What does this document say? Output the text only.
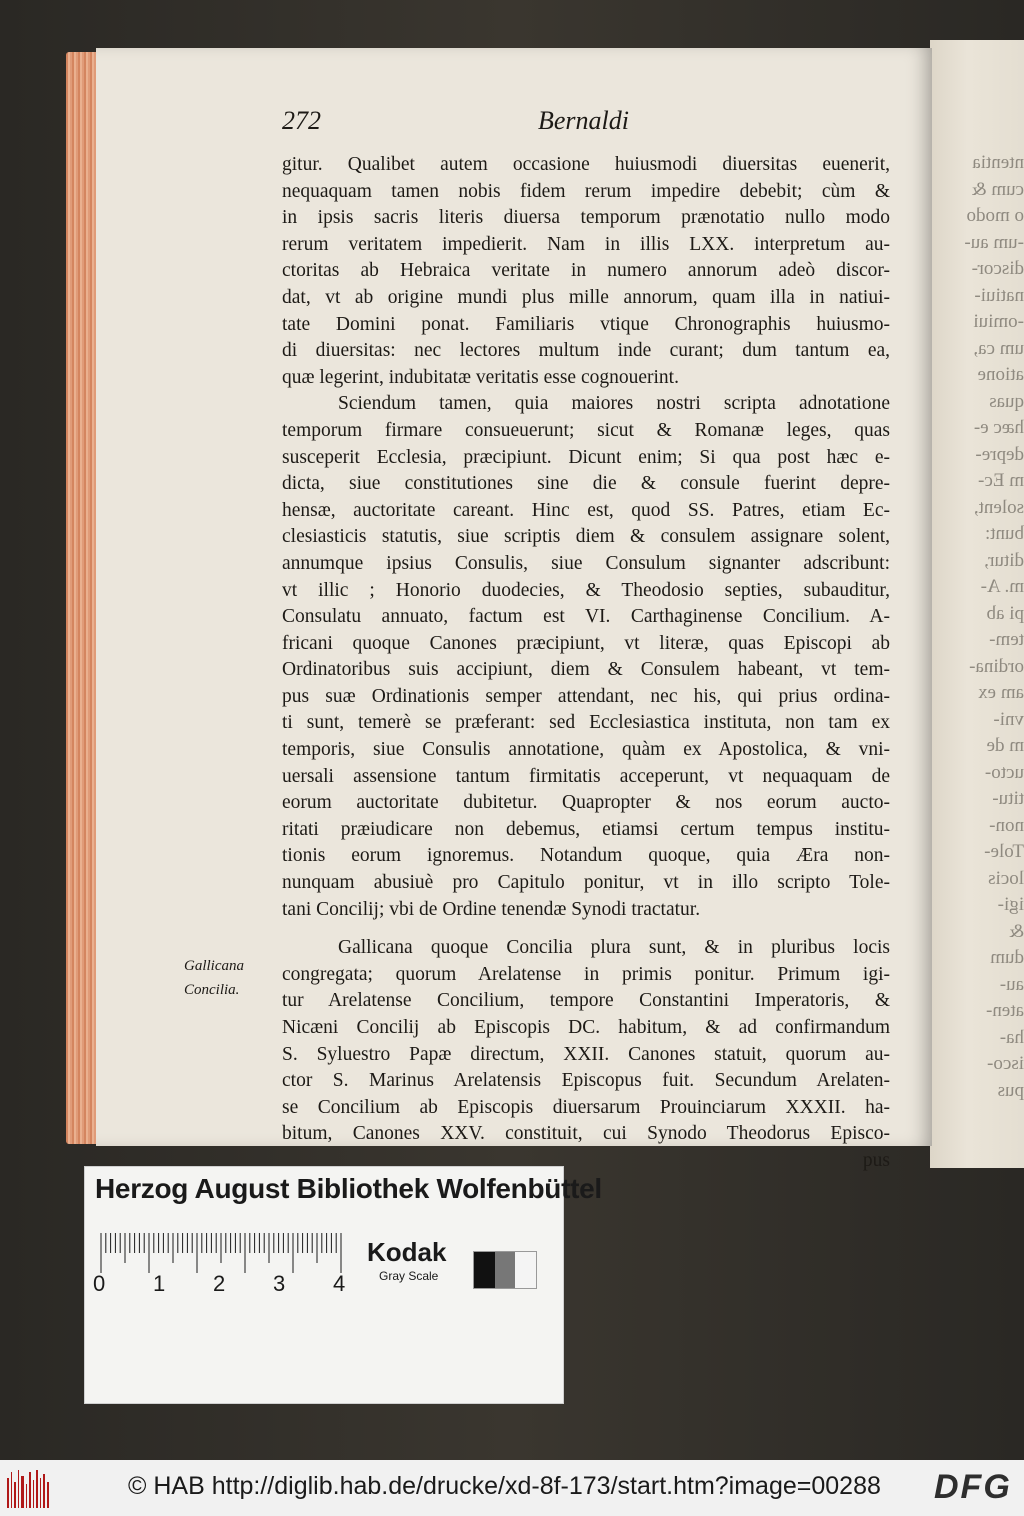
ntentia
cum &
o modo
-um au-
discor-
natiui-
-omiui
um ca,
atione
quas
hæc e-
depre-
m Ec-
solent,
bunt:
ditur,
m. A-
pi ab
tem-
ordina-
am ex
vni-
m de
ucto-
titu-
non-
Tole-
locis
igi-
&
dum
au-
aten-
ha-
isco-
pus
272	Bernaldi
Gallicana
Concilia.
gitur. Qualibet autem occasione huiusmodi diuersitas euenerit,
nequaquam tamen nobis fidem rerum impedire debebit; cùm &
in ipsis sacris literis diuersa temporum prænotatio nullo modo
rerum veritatem impedierit. Nam in illis LXX. interpretum au-
ctoritas ab Hebraica veritate in numero annorum adeò discor-
dat, vt ab origine mundi plus mille annorum, quam illa in natiui-
tate Domini ponat. Familiaris vtique Chronographis huiusmo-
di diuersitas: nec lectores multum inde curant; dum tantum ea,
quæ legerint, indubitatæ veritatis esse cognouerint.
Sciendum tamen, quia maiores nostri scripta adnotatione
temporum firmare consueuerunt; sicut & Romanæ leges, quas
susceperit Ecclesia, præcipiunt. Dicunt enim; Si qua post hæc e-
dicta, siue constitutiones sine die & consule fuerint depre-
hensæ, auctoritate careant. Hinc est, quod SS. Patres, etiam Ec-
clesiasticis statutis, siue scriptis diem & consulem assignare solent,
annumque ipsius Consulis, siue Consulum signanter adscribunt:
vt illic ; Honorio duodecies, & Theodosio septies, subauditur,
Consulatu annuato, factum est VI. Carthaginense Concilium. A-
fricani quoque Canones præcipiunt, vt literæ, quas Episcopi ab
Ordinatoribus suis accipiunt, diem & Consulem habeant, vt tem-
pus suæ Ordinationis semper attendant, nec his, qui prius ordina-
ti sunt, temerè se præferant: sed Ecclesiastica instituta, non tam ex
temporis, siue Consulis annotatione, quàm ex Apostolica, & vni-
uersali assensione tantum firmitatis acceperunt, vt nequaquam de
eorum auctoritate dubitetur. Quapropter & nos eorum aucto-
ritati præiudicare non debemus, etiamsi certum tempus institu-
tionis eorum ignoremus. Notandum quoque, quia Æra non-
nunquam abusiuè pro Capitulo ponitur, vt in illo scripto Tole-
tani Concilij; vbi de Ordine tenendæ Synodi tractatur.
Gallicana quoque Concilia plura sunt, & in pluribus locis
congregata; quorum Arelatense in primis ponitur. Primum igi-
tur Arelatense Concilium, tempore Constantini Imperatoris, &
Nicæni Concilij ab Episcopis DC. habitum, & ad confirmandum
S. Syluestro Papæ directum, XXII. Canones statuit, quorum au-
ctor S. Marinus Arelatensis Episcopus fuit. Secundum Arelaten-
se Concilium ab Episcopis diuersarum Prouinciarum XXXII. ha-
bitum, Canones XXV. constituit, cui Synodo Theodorus Episco-
pus
Herzog August Bibliothek Wolfenbüttel
0 1 2 3 4
Kodak
Gray Scale
© HAB http://diglib.hab.de/drucke/xd-8f-173/start.htm?image=00288 DFG
